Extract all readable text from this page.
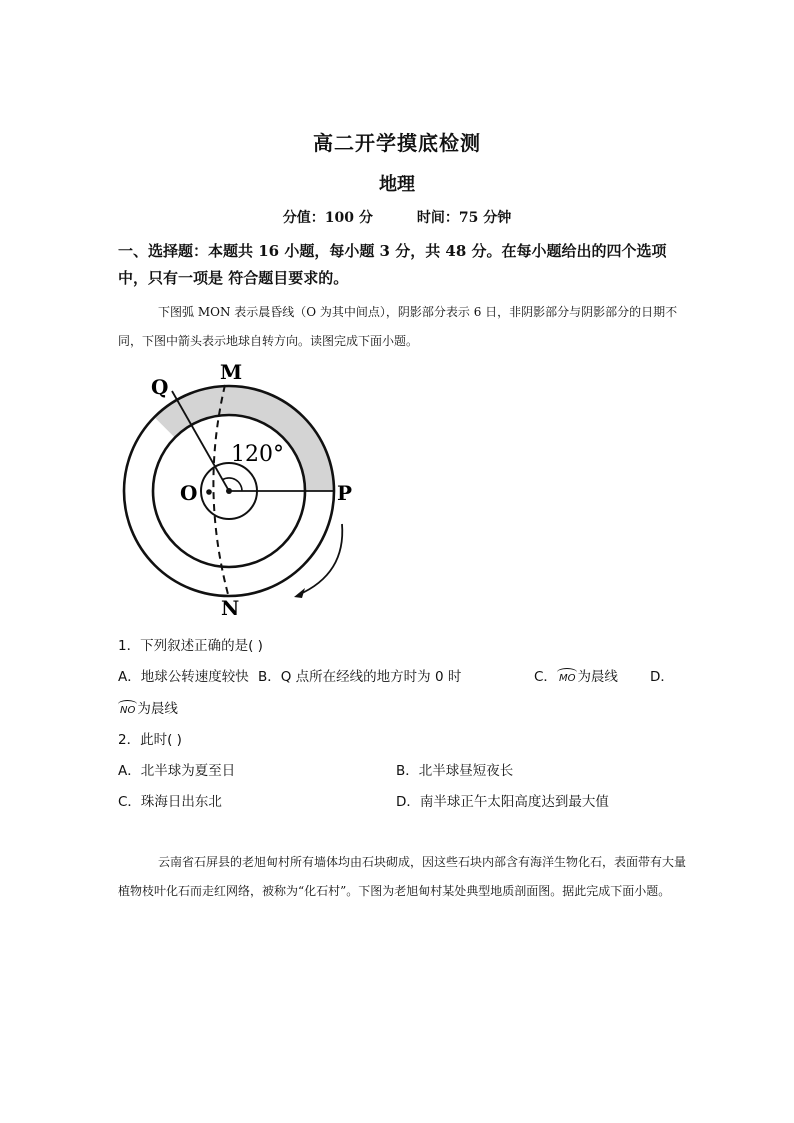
高二开学摸底检测
地理
分值：100 分	时间：75 分钟
一、选择题：本题共 16 小题，每小题 3 分，共 48 分。在每小题给出的四个选项中，只有一项是 符合题目要求的。
下图弧 MON 表示晨昏线（O 为其中间点），阴影部分表示 6 日，非阴影部分与阴影部分的日期不同，下图中箭头表示地球自转方向。读图完成下面小题。
Q
M
120°
O	P
N
1．下列叙述正确的是( )
A．地球公转速度较快 B．Q 点所在经线的地方时为 0 时	C． MO 为晨线 D．
NO 为晨线
2．此时( )
A．北半球为夏至日	B．北半球昼短夜长
C．珠海日出东北	D．南半球正午太阳高度达到最大值
云南省石屏县的老旭甸村所有墙体均由石块砌成，因这些石块内部含有海洋生物化石，表面带有大量植物枝叶化石而走红网络，被称为“化石村”。下图为老旭甸村某处典型地质剖面图。据此完成下面小题。
